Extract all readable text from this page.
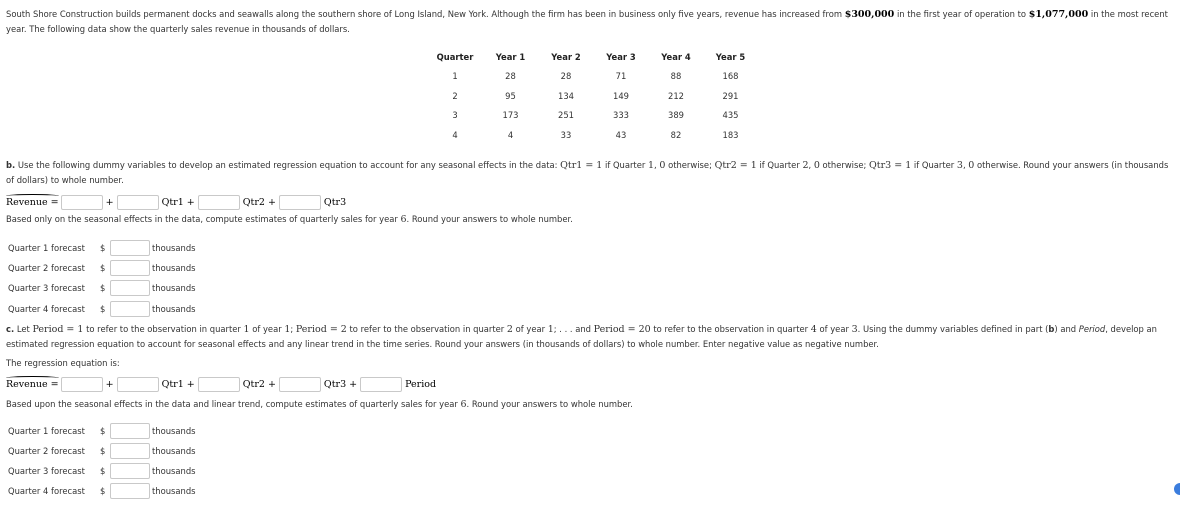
South Shore Construction builds permanent docks and seawalls along the southern shore of Long Island, New York. Although the firm has been in business only five years, revenue has increased from $300,000 in the first year of operation to $1,077,000 in the most recent year. The following data show the quarterly sales revenue in thousands of dollars.
Quarter	Year 1	Year 2	Year 3	Year 4	Year 5
1	28	28	71	88	168
2	95	134	149	212	291
3	173	251	333	389	435
4	4	33	43	82	183
b. Use the following dummy variables to develop an estimated regression equation to account for any seasonal effects in the data: Qtr1 = 1 if Quarter 1, 0 otherwise; Qtr2 = 1 if Quarter 2, 0 otherwise; Qtr3 = 1 if Quarter 3, 0 otherwise. Round your answers (in thousands of dollars) to whole number.
Revenue =	+	Qtr1 +	Qtr2 +	Qtr3
Based only on the seasonal effects in the data, compute estimates of quarterly sales for year 6. Round your answers to whole number.
Quarter 1 forecast	$	thousands
Quarter 2 forecast	$	thousands
Quarter 3 forecast	$	thousands
Quarter 4 forecast	$	thousands
c. Let Period = 1 to refer to the observation in quarter 1 of year 1; Period = 2 to refer to the observation in quarter 2 of year 1; . . . and Period = 20 to refer to the observation in quarter 4 of year 3. Using the dummy variables defined in part (b) and Period, develop an estimated regression equation to account for seasonal effects and any linear trend in the time series. Round your answers (in thousands of dollars) to whole number. Enter negative value as negative number.
The regression equation is:
Revenue =	+	Qtr1 +	Qtr2 +	Qtr3 +	Period
Based upon the seasonal effects in the data and linear trend, compute estimates of quarterly sales for year 6. Round your answers to whole number.
Quarter 1 forecast	$	thousands
Quarter 2 forecast	$	thousands
Quarter 3 forecast	$	thousands
Quarter 4 forecast	$	thousands
